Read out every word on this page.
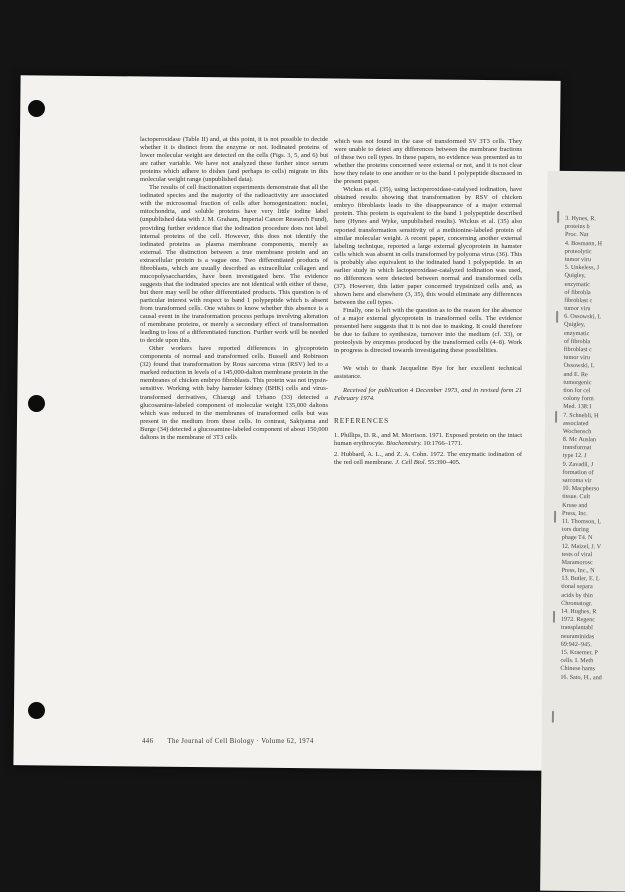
3. Hynes, R.

proteins b

Proc. Nat

4. Bosmann, H

proteolytic

tumor viru

5. Unkeless, J

Quigley,

enzymatic

of fibrobla

fibroblast c

tumor viru

6. Ossowski, L

Quigley,

enzymatic

of fibrobla

fibroblast c

tumor viru

Ossowski, L

and E. Re

tumorgenic

tion for cel

colony form

Med. 138:1

7. Schnebli, H

associated

Wochensch

8. Mc Auslan

transformat

type 12. J

9. Zavadil, J

formation of

sarcoma vir

10. Macpherso

tissue. Cult

Kruse and

Press, Inc.

11. Thomson, L

tors during

phage T4. N

12. Maizel, J. V

tests of viral

Maramorosc

Press, Inc., N

13. Butler, E. L

tional separa

acids by thin

Chromatogr.

14. Hughes, R

1972. Regenc

transplantabl

neuraminidas

69:942–945.

15. Kraemer, P

cells. I. Meth

Chinese hams

16. Sato, H., and

lactoperoxidase (Table II) and, at this point, it is not possible to decide whether it is distinct from the enzyme or not. Iodinated proteins of lower molecular weight are detected on the cells (Figs. 3, 5, and 6) but are rather variable. We have not analyzed these further since serum proteins which adhere to dishes (and perhaps to cells) migrate in this molecular weight range (unpublished data).

The results of cell fractionation experiments demonstrate that all the iodinated species and the majority of the radioactivity are associated with the microsomal fraction of cells after homogenization: nuclei, mitochondria, and soluble proteins have very little iodine label (unpublished data with J. M. Graham, Imperial Cancer Research Fund), providing further evidence that the iodination procedure does not label internal proteins of the cell. However, this does not identify the iodinated proteins as plasma membrane components, merely as external. The distinction between a true membrane protein and an extracellular protein is a vague one. Two differentiated products of fibroblasts, which are usually described as extracellular collagen and mucopolysaccharides, have been investigated here. The evidence suggests that the iodinated species are not identical with either of these, but there may well be other differentiated products. This question is of particular interest with respect to band 1 polypeptide which is absent from transformed cells. One wishes to know whether this absence is a causal event in the transformation process perhaps involving alteration of membrane proteins, or merely a secondary effect of transformation leading to loss of a differentiated function. Further work will be needed to decide upon this.

Other workers have reported differences in glycoprotein components of normal and transformed cells. Bussell and Robinson (32) found that transformation by Rous sarcoma virus (RSV) led to a marked reduction in levels of a 145,000-dalton membrane protein in the membranes of chicken embryo fibroblasts. This protein was not trypsin-sensitive. Working with baby hamster kidney (BHK) cells and virus-transformed derivatives, Chiarugi and Urbano (33) detected a glucosamine-labeled component of molecular weight 135,000 daltons which was reduced in the membranes of transformed cells but was present in the medium from these cells. In contrast, Sakiyama and Burge (34) detected a glucosamine-labeled component of about 150,000 daltons in the membrane of 3T3 cells

which was not found in the case of transformed SV 3T3 cells. They were unable to detect any differences between the membrane fractions of these two cell types. In these papers, no evidence was presented as to whether the proteins concerned were external or not, and it is not clear how they relate to one another or to the band 1 polypeptide discussed in the present paper.

Wickus et al. (35), using lactoperoxidase-catalysed iodination, have obtained results showing that transformation by RSV of chicken embryo fibroblasts leads to the disappearance of a major external protein. This protein is equivalent to the band 1 polypeptide described here (Hynes and Wyke, unpublished results). Wickus et al. (35) also reported transformation sensitivity of a methionine-labeled protein of similar molecular weight. A recent paper, concerning another external labeling technique, reported a large external glycoprotein in hamster cells which was absent in cells transformed by polyoma virus (36). This is probably also equivalent to the iodinated band 1 polypeptide. In an earlier study in which lactoperoxidase-catalyzed iodination was used, no differences were detected between normal and transformed cells (37). However, this latter paper concerned trypsinized cells and, as shown here and elsewhere (3, 35), this would eliminate any differences between the cell types.

Finally, one is left with the question as to the reason for the absence of a major external glycoprotein in transformed cells. The evidence presented here suggests that it is not due to masking. It could therefore be due to failure to synthesize, turnover into the medium (cf. 33), or proteolysis by enzymes produced by the transformed cells (4–8). Work in progress is directed towards investigating these possibilities.

We wish to thank Jacqueline Bye for her excellent technical assistance.

Received for publication 4 December 1973, and in revised form 21 February 1974.

REFERENCES

1. Phillips, D. R., and M. Morrison. 1971. Exposed protein on the intact human erythrocyte. Biochemistry. 10:1766–1771.
2. Hubbard, A. L., and Z. A. Cohn. 1972. The enzymatic iodination of the red cell membrane. J. Cell Biol. 55:390–405.
446 The Journal of Cell Biology · Volume 62, 1974
